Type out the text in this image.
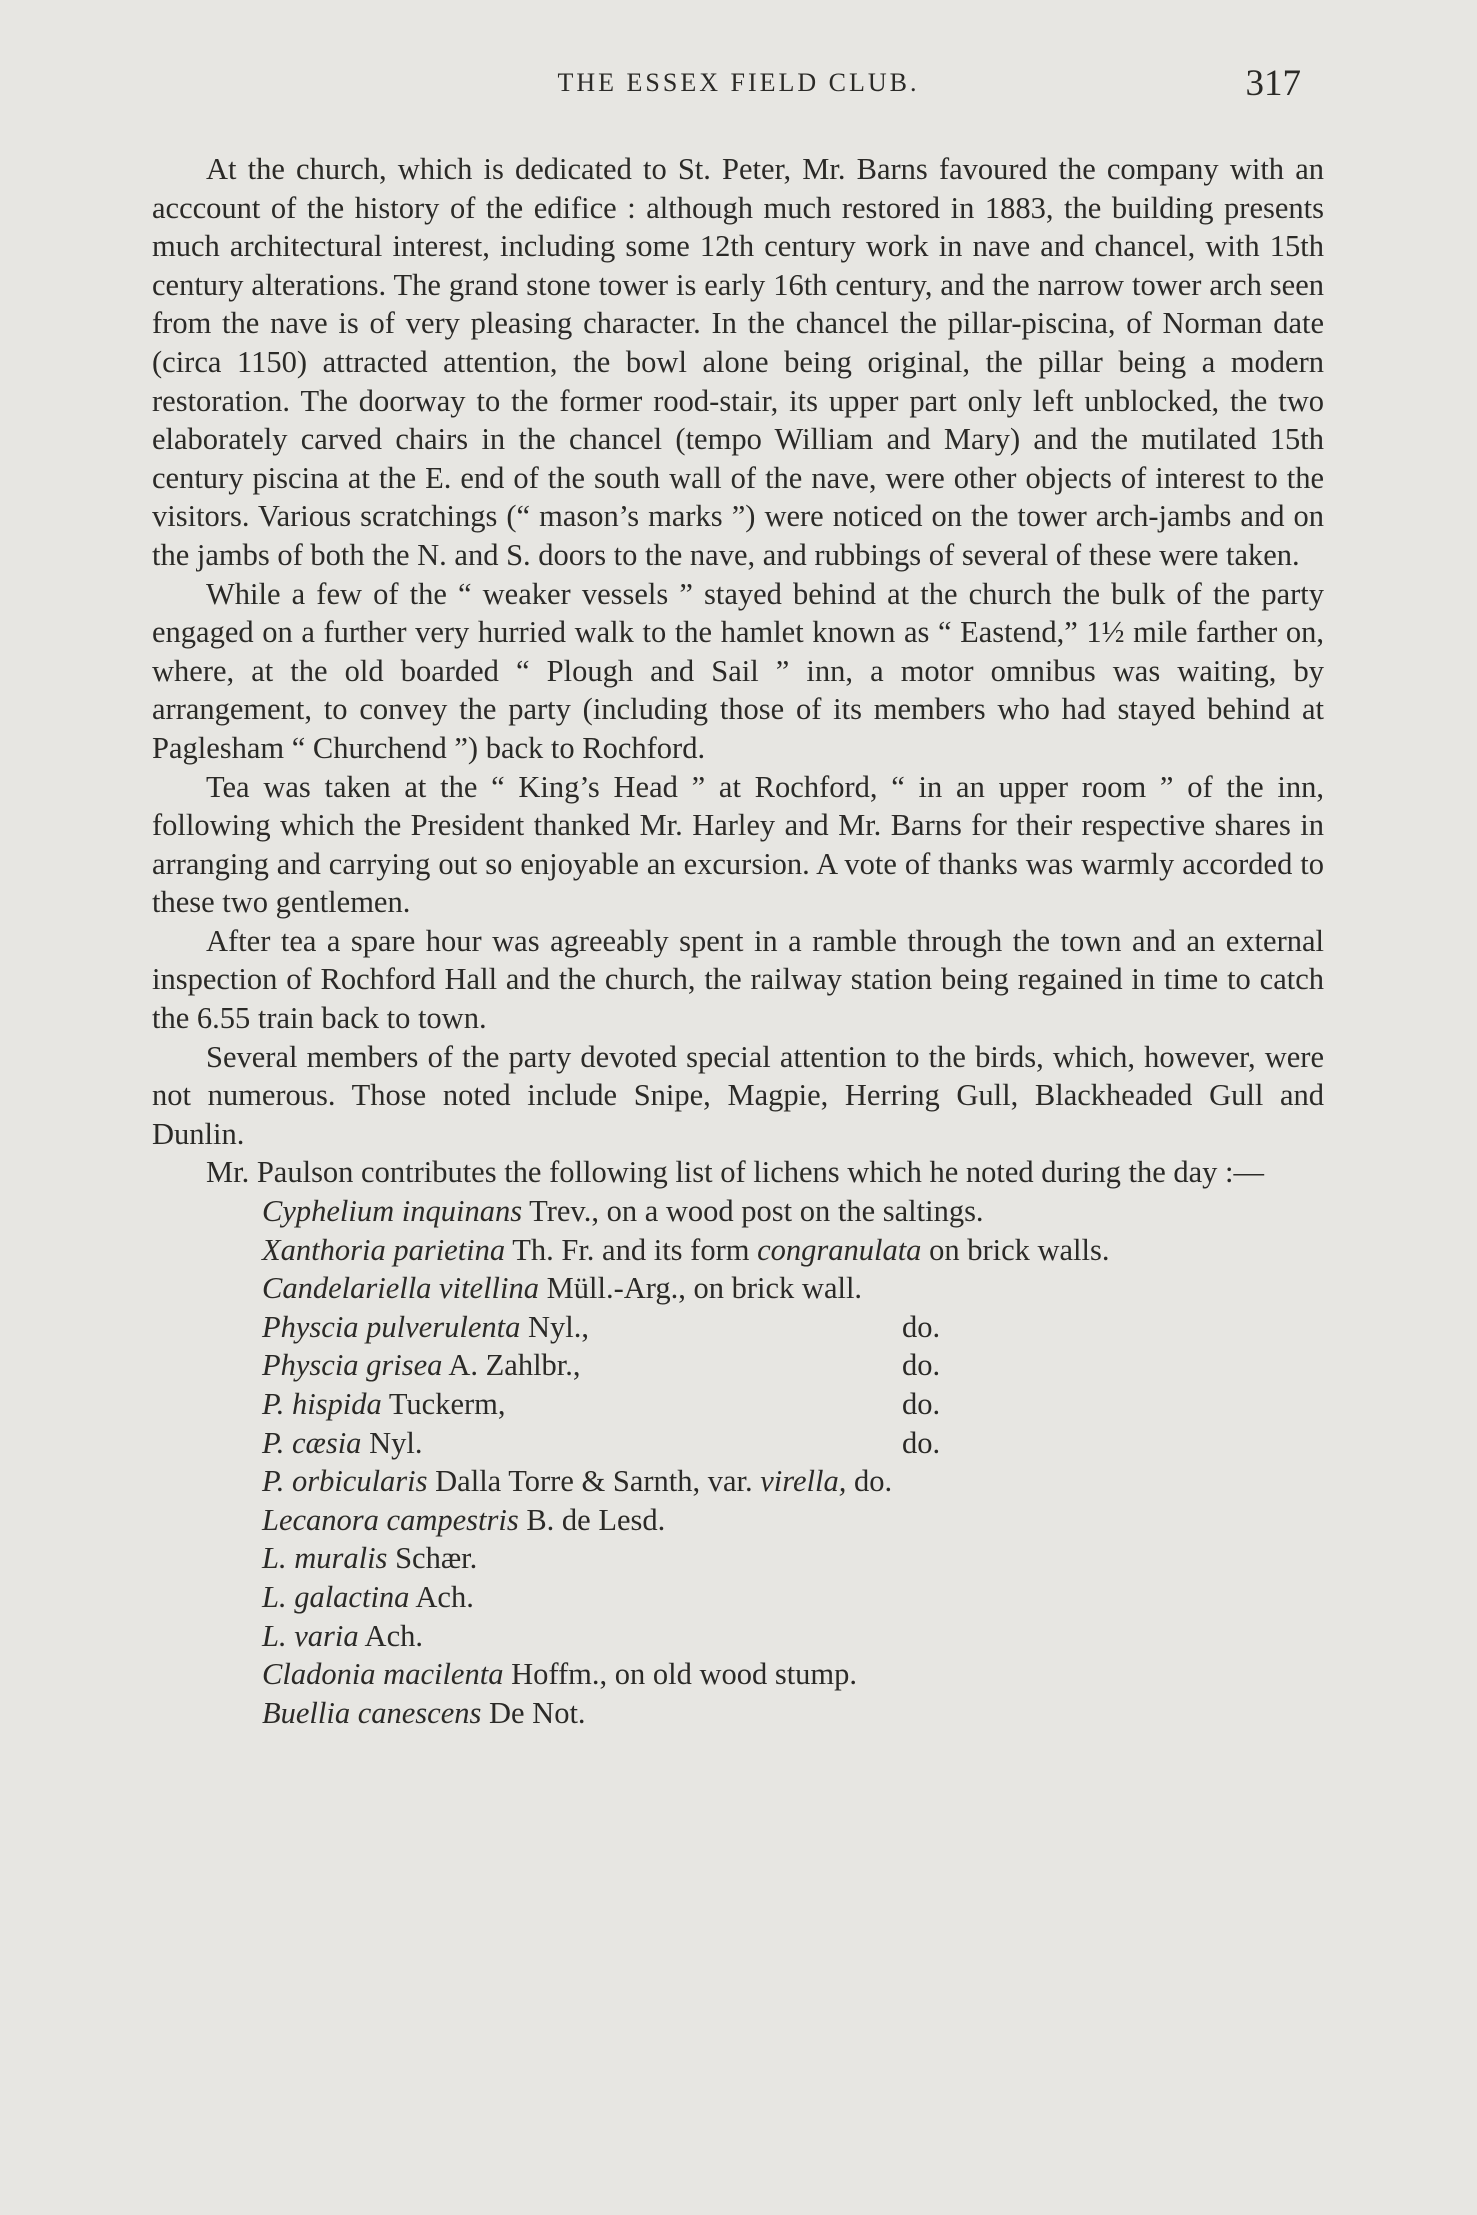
THE ESSEX FIELD CLUB.	317

At the church, which is dedicated to St. Peter, Mr. Barns favoured the company with an acccount of the history of the edifice : although much restored in 1883, the building presents much architectural interest, including some 12th century work in nave and chancel, with 15th century alterations. The grand stone tower is early 16th century, and the narrow tower arch seen from the nave is of very pleasing character. In the chancel the pillar-piscina, of Norman date (circa 1150) attracted attention, the bowl alone being original, the pillar being a modern restoration. The doorway to the former rood-stair, its upper part only left unblocked, the two elaborately carved chairs in the chancel (tempo William and Mary) and the mutilated 15th century piscina at the E. end of the south wall of the nave, were other objects of interest to the visitors. Various scratchings (“ mason’s marks ”) were noticed on the tower arch-jambs and on the jambs of both the N. and S. doors to the nave, and rubbings of several of these were taken.

While a few of the “ weaker vessels ” stayed behind at the church the bulk of the party engaged on a further very hurried walk to the hamlet known as “ Eastend,” 1½ mile farther on, where, at the old boarded “ Plough and Sail ” inn, a motor omnibus was waiting, by arrangement, to convey the party (including those of its members who had stayed behind at Paglesham “ Churchend ”) back to Rochford.

Tea was taken at the “ King’s Head ” at Rochford, “ in an upper room ” of the inn, following which the President thanked Mr. Harley and Mr. Barns for their respective shares in arranging and carrying out so enjoyable an excursion. A vote of thanks was warmly accorded to these two gentlemen.

After tea a spare hour was agreeably spent in a ramble through the town and an external inspection of Rochford Hall and the church, the railway station being regained in time to catch the 6.55 train back to town.

Several members of the party devoted special attention to the birds, which, however, were not numerous. Those noted include Snipe, Magpie, Herring Gull, Blackheaded Gull and Dunlin.

Mr. Paulson contributes the following list of lichens which he noted during the day :—

Cyphelium inquinans Trev., on a wood post on the saltings.
Xanthoria parietina Th. Fr. and its form congranulata on brick walls.
Candelariella vitellina Müll.-Arg., on brick wall.
Physcia pulverulenta Nyl.,	do.
Physcia grisea A. Zahlbr.,	do.
P. hispida Tuckerm,	do.
P. cæsia Nyl.	do.
P. orbicularis Dalla Torre & Sarnth, var. virella, do.
Lecanora campestris B. de Lesd.
L. muralis Schær.
L. galactina Ach.
L. varia Ach.
Cladonia macilenta Hoffm., on old wood stump.
Buellia canescens De Not.
